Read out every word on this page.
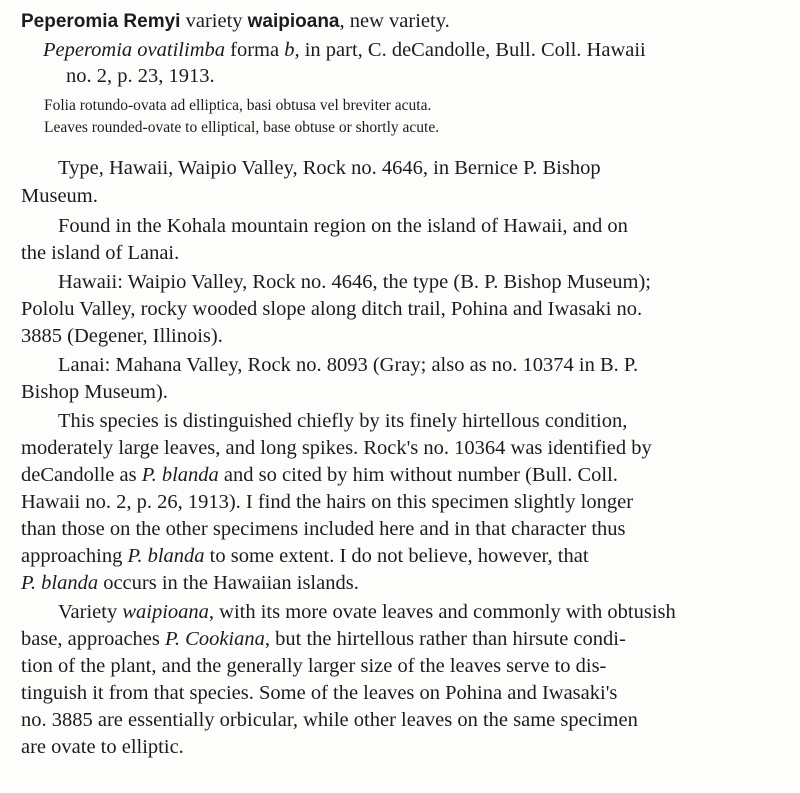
Peperomia Remyi variety waipioana, new variety.
Peperomia ovatilimba forma b, in part, C. deCandolle, Bull. Coll. Hawaii
no. 2, p. 23, 1913.
Folia rotundo-ovata ad elliptica, basi obtusa vel breviter acuta.
Leaves rounded-ovate to elliptical, base obtuse or shortly acute.
Type, Hawaii, Waipio Valley, Rock no. 4646, in Bernice P. Bishop
Museum.
Found in the Kohala mountain region on the island of Hawaii, and on
the island of Lanai.
Hawaii: Waipio Valley, Rock no. 4646, the type (B. P. Bishop Museum);
Pololu Valley, rocky wooded slope along ditch trail, Pohina and Iwasaki no.
3885 (Degener, Illinois).
Lanai: Mahana Valley, Rock no. 8093 (Gray; also as no. 10374 in B. P.
Bishop Museum).
This species is distinguished chiefly by its finely hirtellous condition,
moderately large leaves, and long spikes. Rock's no. 10364 was identified by
deCandolle as P. blanda and so cited by him without number (Bull. Coll.
Hawaii no. 2, p. 26, 1913). I find the hairs on this specimen slightly longer
than those on the other specimens included here and in that character thus
approaching P. blanda to some extent. I do not believe, however, that
P. blanda occurs in the Hawaiian islands.
Variety waipioana, with its more ovate leaves and commonly with obtusish
base, approaches P. Cookiana, but the hirtellous rather than hirsute condi-
tion of the plant, and the generally larger size of the leaves serve to dis-
tinguish it from that species. Some of the leaves on Pohina and Iwasaki's
no. 3885 are essentially orbicular, while other leaves on the same specimen
are ovate to elliptic.
